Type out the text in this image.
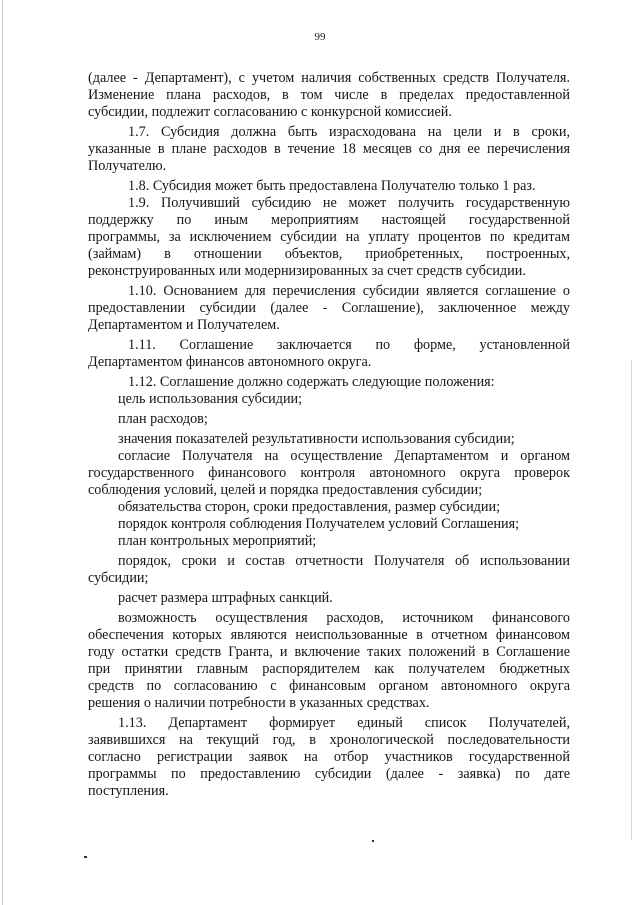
99
(далее - Департамент), с учетом наличия собственных средств Получателя.
Изменение плана расходов, в том числе в пределах предоставленной
субсидии, подлежит согласованию с конкурсной комиссией.
1.7. Субсидия должна быть израсходована на цели и в сроки,
указанные в плане расходов в течение 18 месяцев со дня ее перечисления
Получателю.
1.8. Субсидия может быть предоставлена Получателю только 1 раз.
1.9. Получивший субсидию не может получить государственную
поддержку по иным мероприятиям настоящей государственной
программы, за исключением субсидии на уплату процентов по кредитам
(займам) в отношении объектов, приобретенных, построенных,
реконструированных или модернизированных за счет средств субсидии.
1.10. Основанием для перечисления субсидии является соглашение о
предоставлении субсидии (далее - Соглашение), заключенное между
Департаментом и Получателем.
1.11. Соглашение заключается по форме, установленной
Департаментом финансов автономного округа.
1.12. Соглашение должно содержать следующие положения:
цель использования субсидии;
план расходов;
значения показателей результативности использования субсидии;
согласие Получателя на осуществление Департаментом и органом
государственного финансового контроля автономного округа проверок
соблюдения условий, целей и порядка предоставления субсидии;
обязательства сторон, сроки предоставления, размер субсидии;
порядок контроля соблюдения Получателем условий Соглашения;
план контрольных мероприятий;
порядок, сроки и состав отчетности Получателя об использовании
субсидии;
расчет размера штрафных санкций.
возможность осуществления расходов, источником финансового
обеспечения которых являются неиспользованные в отчетном финансовом
году остатки средств Гранта, и включение таких положений в Соглашение
при принятии главным распорядителем как получателем бюджетных
средств по согласованию с финансовым органом автономного округа
решения о наличии потребности в указанных средствах.
1.13. Департамент формирует единый список Получателей,
заявившихся на текущий год, в хронологической последовательности
согласно регистрации заявок на отбор участников государственной
программы по предоставлению субсидии (далее - заявка) по дате
поступления.
